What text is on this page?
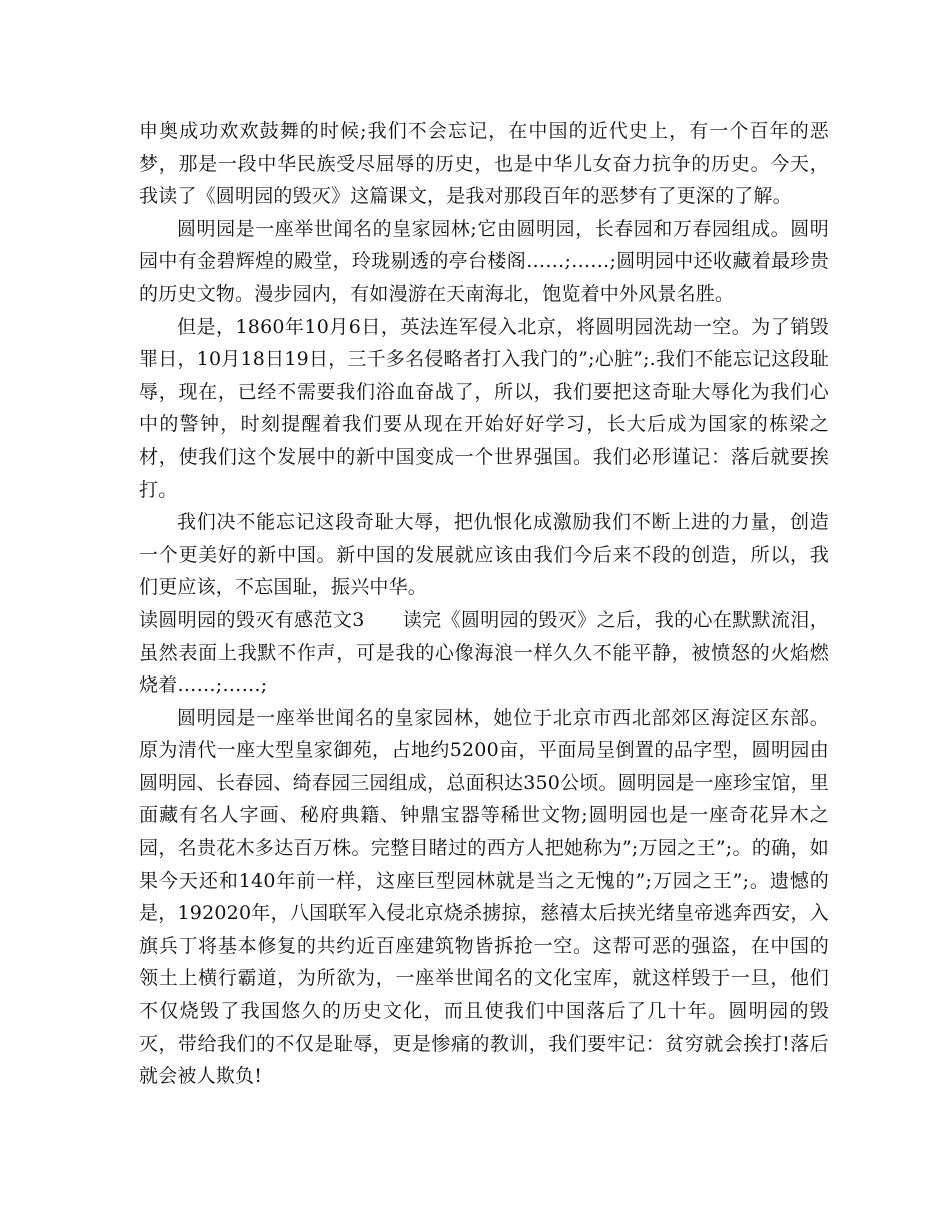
申奥成功欢欢鼓舞的时候;我们不会忘记，在中国的近代史上，有一个百年的恶梦，那是一段中华民族受尽屈辱的历史，也是中华儿女奋力抗争的历史。今天，我读了《圆明园的毁灭》这篇课文，是我对那段百年的恶梦有了更深的了解。

圆明园是一座举世闻名的皇家园林;它由圆明园，长春园和万春园组成。圆明园中有金碧辉煌的殿堂，玲珑剔透的亭台楼阁……;……;圆明园中还收藏着最珍贵的历史文物。漫步园内，有如漫游在天南海北，饱览着中外风景名胜。

但是，1860年10月6日，英法连军侵入北京，将圆明园洗劫一空。为了销毁罪日，10月18日19日，三千多名侵略者打入我门的”;心脏”;.我们不能忘记这段耻辱，现在，已经不需要我们浴血奋战了，所以，我们要把这奇耻大辱化为我们心中的警钟，时刻提醒着我们要从现在开始好好学习，长大后成为国家的栋梁之材，使我们这个发展中的新中国变成一个世界强国。我们必形谨记：落后就要挨打。

我们决不能忘记这段奇耻大辱，把仇恨化成激励我们不断上进的力量，创造一个更美好的新中国。新中国的发展就应该由我们今后来不段的创造，所以，我们更应该，不忘国耻，振兴中华。

读圆明园的毁灭有感范文3 读完《圆明园的毁灭》之后，我的心在默默流泪，虽然表面上我默不作声，可是我的心像海浪一样久久不能平静，被愤怒的火焰燃烧着……;……;

圆明园是一座举世闻名的皇家园林，她位于北京市西北部郊区海淀区东部。原为清代一座大型皇家御苑，占地约5200亩，平面局呈倒置的品字型，圆明园由圆明园、长春园、绮春园三园组成，总面积达350公顷。圆明园是一座珍宝馆，里面藏有名人字画、秘府典籍、钟鼎宝器等稀世文物;圆明园也是一座奇花异木之园，名贵花木多达百万株。完整目睹过的西方人把她称为”;万园之王”;。的确，如果今天还和140年前一样，这座巨型园林就是当之无愧的”;万园之王”;。遗憾的是，192020年，八国联军入侵北京烧杀掳掠，慈禧太后挟光绪皇帝逃奔西安，入旗兵丁将基本修复的共约近百座建筑物皆拆抢一空。这帮可恶的强盗，在中国的领土上横行霸道，为所欲为，一座举世闻名的文化宝库，就这样毁于一旦，他们不仅烧毁了我国悠久的历史文化，而且使我们中国落后了几十年。圆明园的毁灭，带给我们的不仅是耻辱，更是惨痛的教训，我们要牢记：贫穷就会挨打!落后就会被人欺负!
